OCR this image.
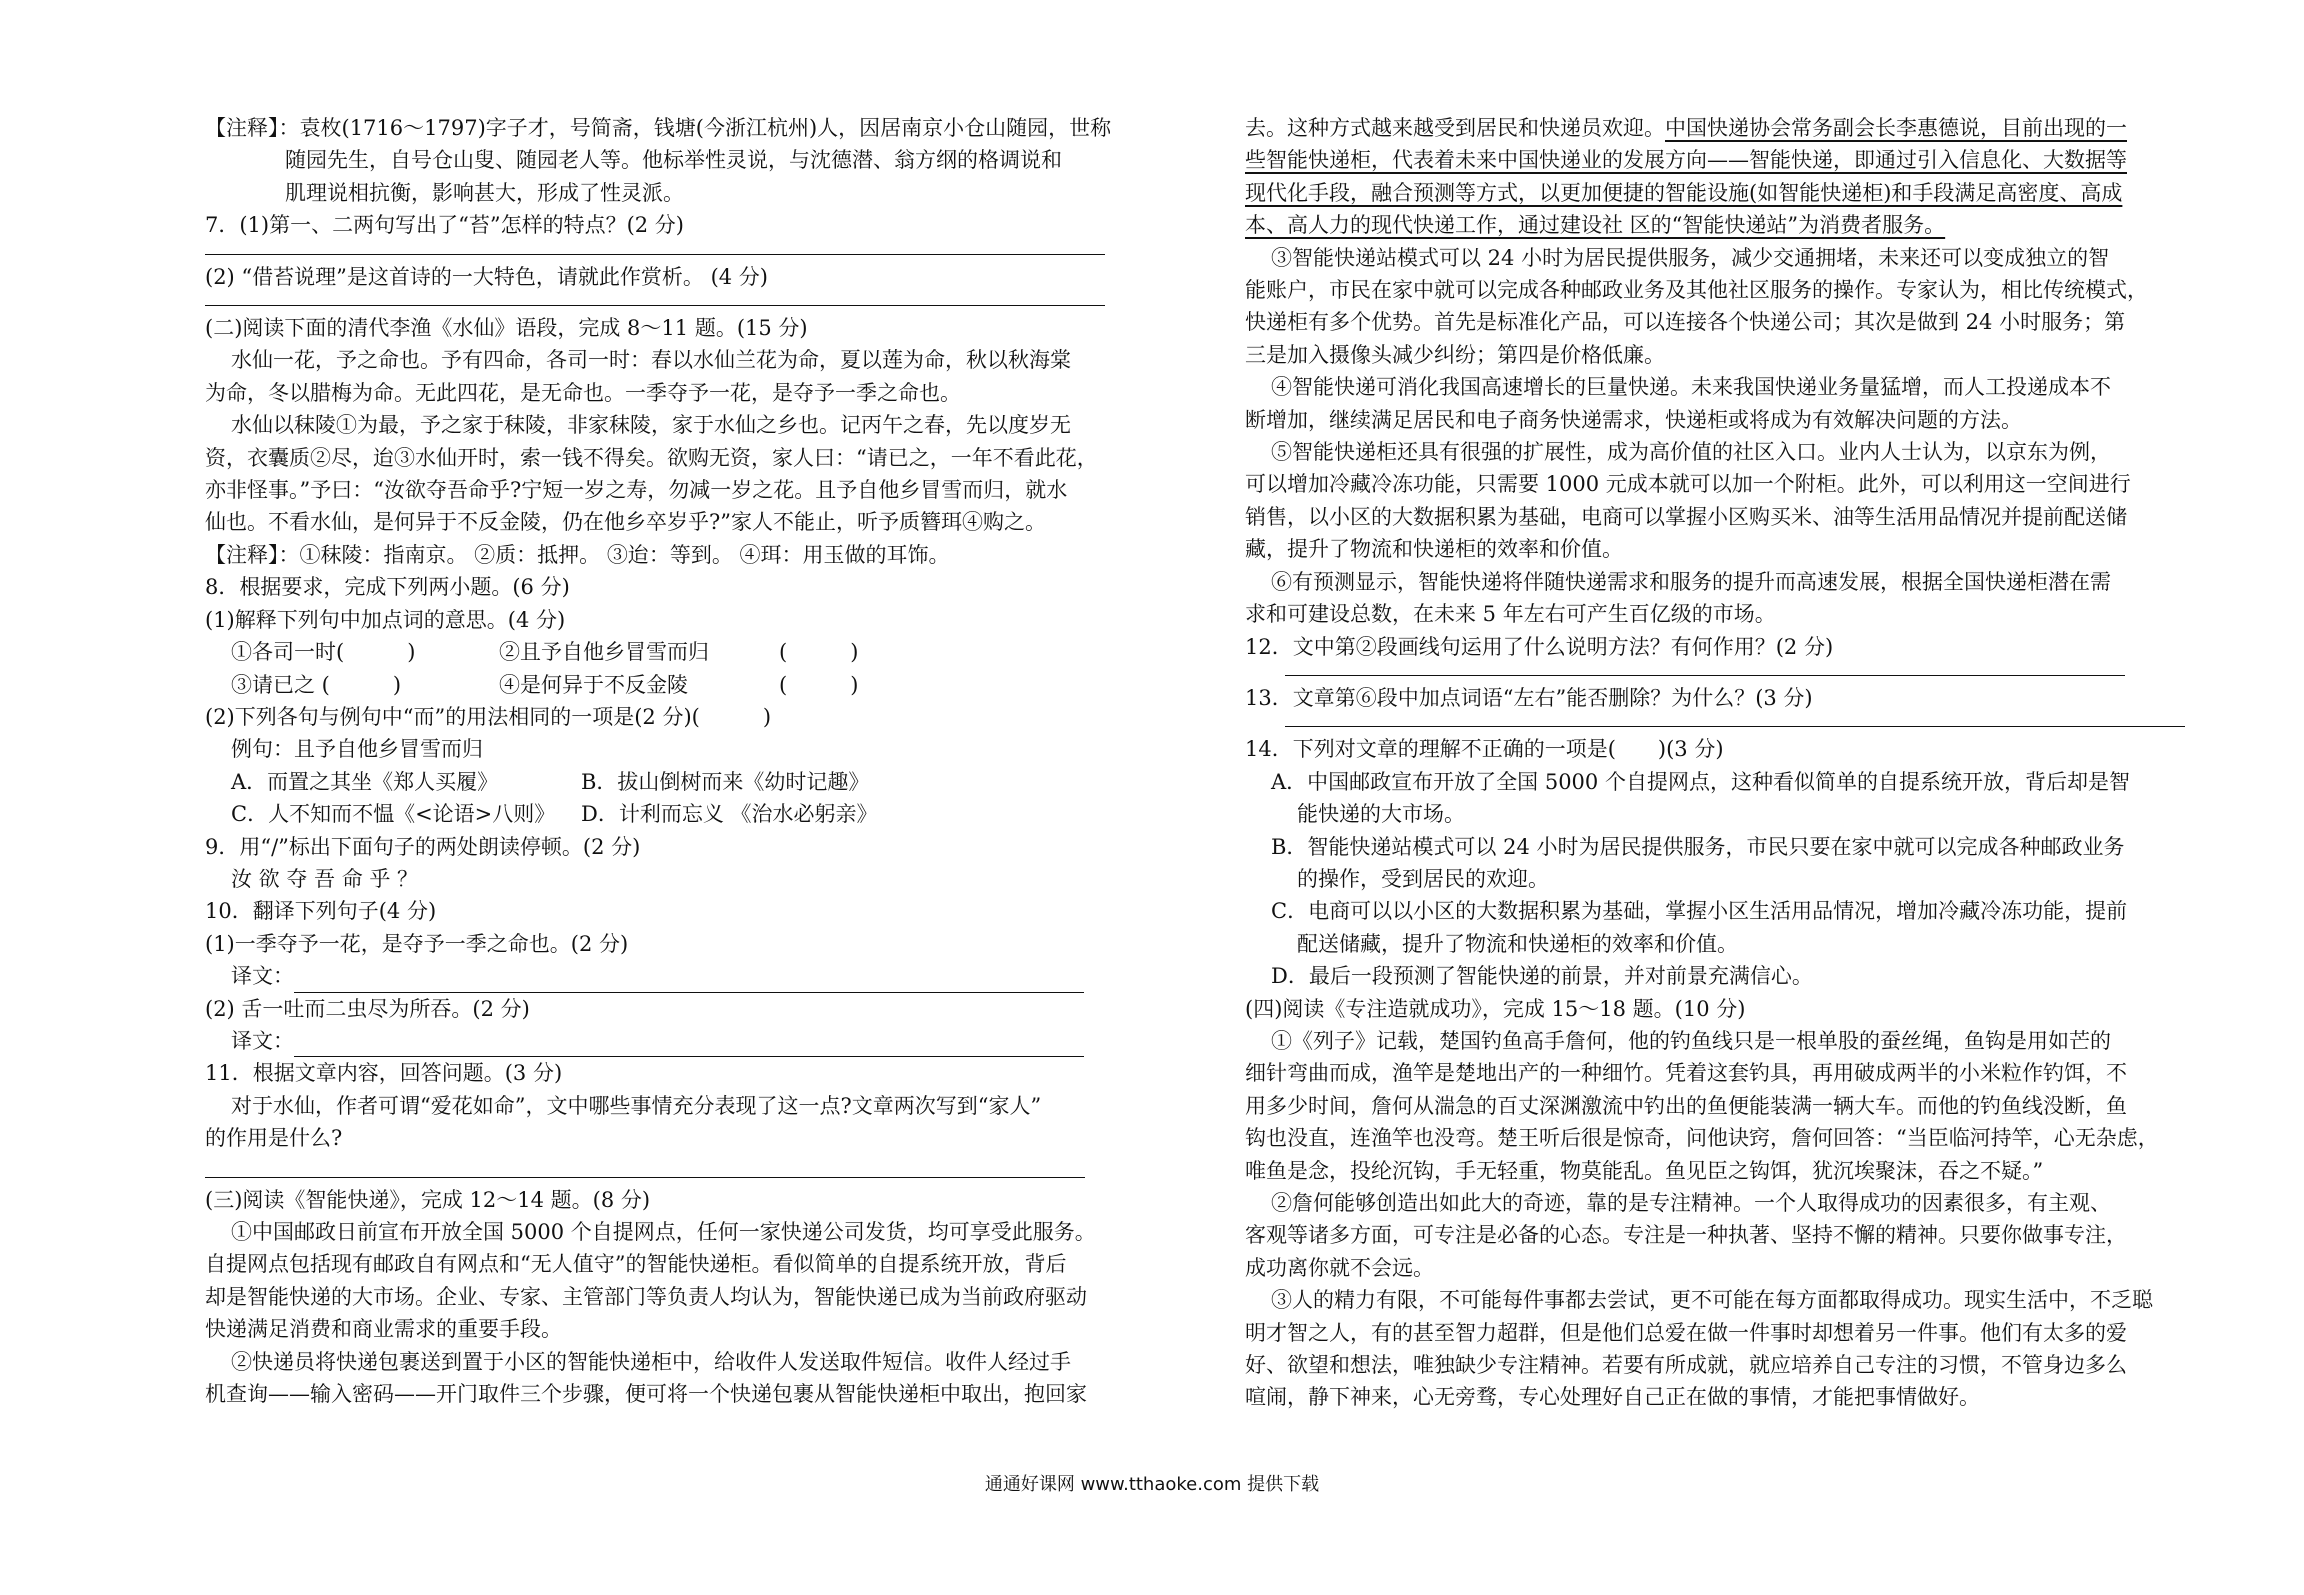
【注释】：袁枚(1716～1797)字子才，号简斋，钱塘(今浙江杭州)人，因居南京小仓山随园，世称
随园先生，自号仓山叟、随园老人等。他标举性灵说，与沈德潜、翁方纲的格调说和
肌理说相抗衡，影响甚大，形成了性灵派。
7．(1)第一、二两句写出了“苔”怎样的特点？(2 分)
(2) “借苔说理”是这首诗的一大特色，请就此作赏析。 (4 分)
(二)阅读下面的清代李渔《水仙》语段，完成 8～11 题。(15 分)
水仙一花，予之命也。予有四命，各司一时：春以水仙兰花为命，夏以莲为命，秋以秋海棠
为命，冬以腊梅为命。无此四花，是无命也。一季夺予一花，是夺予一季之命也。
水仙以秣陵①为最，予之家于秣陵，非家秣陵，家于水仙之乡也。记丙午之春，先以度岁无
资，衣囊质②尽，迨③水仙开时，索一钱不得矣。欲购无资，家人曰：“请已之，一年不看此花，
亦非怪事。”予曰：“汝欲夺吾命乎?宁短一岁之寿，勿减一岁之花。且予自他乡冒雪而归，就水
仙也。不看水仙，是何异于不反金陵，仍在他乡卒岁乎?”家人不能止，听予质簪珥④购之。
【注释】：①秣陵：指南京。 ②质：抵押。 ③迨：等到。 ④珥：用玉做的耳饰。
8．根据要求，完成下列两小题。(6 分)
(1)解释下列句中加点词的意思。(4 分)
①各司一时(　　　)	②且予自他乡冒雪而归	(　　　)
③请已之 (　　　)	④是何异于不反金陵	(　　　)
(2)下列各句与例句中“而”的用法相同的一项是(2 分)(　　　)
例句：且予自他乡冒雪而归
A．而置之其坐《郑人买履》	B．拔山倒树而来《幼时记趣》
C．人不知而不愠《<论语>八则》 D．计利而忘义 《治水必躬亲》
9．用“/”标出下面句子的两处朗读停顿。(2 分)
汝 欲 夺 吾 命 乎 ？
10．翻译下列句子(4 分)
(1)一季夺予一花，是夺予一季之命也。(2 分)
译文：
(2) 舌一吐而二虫尽为所吞。(2 分)
译文：
11．根据文章内容，回答问题。(3 分)
对于水仙，作者可谓“爱花如命”，文中哪些事情充分表现了这一点?文章两次写到“家人”
的作用是什么?
(三)阅读《智能快递》，完成 12～14 题。(8 分)
①中国邮政日前宣布开放全国 5000 个自提网点，任何一家快递公司发货，均可享受此服务。
自提网点包括现有邮政自有网点和“无人值守”的智能快递柜。看似简单的自提系统开放，背后
却是智能快递的大市场。企业、专家、主管部门等负责人均认为，智能快递已成为当前政府驱动
快递满足消费和商业需求的重要手段。
②快递员将快递包裹送到置于小区的智能快递柜中，给收件人发送取件短信。收件人经过手
机查询——输入密码——开门取件三个步骤，便可将一个快递包裹从智能快递柜中取出，抱回家
去。这种方式越来越受到居民和快递员欢迎。中国快递协会常务副会长李惠德说，目前出现的一
些智能快递柜，代表着未来中国快递业的发展方向——智能快递，即通过引入信息化、大数据等
现代化手段，融合预测等方式，以更加便捷的智能设施(如智能快递柜)和手段满足高密度、高成
本、高人力的现代快递工作，通过建设社 区的“智能快递站”为消费者服务。
③智能快递站模式可以 24 小时为居民提供服务，减少交通拥堵，未来还可以变成独立的智
能账户，市民在家中就可以完成各种邮政业务及其他社区服务的操作。专家认为，相比传统模式，
快递柜有多个优势。首先是标准化产品，可以连接各个快递公司；其次是做到 24 小时服务；第
三是加入摄像头减少纠纷；第四是价格低廉。
④智能快递可消化我国高速增长的巨量快递。未来我国快递业务量猛增，而人工投递成本不
断增加，继续满足居民和电子商务快递需求，快递柜或将成为有效解决问题的方法。
⑤智能快递柜还具有很强的扩展性，成为高价值的社区入口。业内人士认为，以京东为例，
可以增加冷藏冷冻功能，只需要 1000 元成本就可以加一个附柜。此外，可以利用这一空间进行
销售，以小区的大数据积累为基础，电商可以掌握小区购买米、油等生活用品情况并提前配送储
藏，提升了物流和快递柜的效率和价值。
⑥有预测显示，智能快递将伴随快递需求和服务的提升而高速发展，根据全国快递柜潜在需
求和可建设总数，在未来 5 年左右可产生百亿级的市场。
12．文中第②段画线句运用了什么说明方法？有何作用？(2 分)
13．文章第⑥段中加点词语“左右”能否删除？为什么？(3 分)
14．下列对文章的理解不正确的一项是(　　)(3 分)
A．中国邮政宣布开放了全国 5000 个自提网点，这种看似简单的自提系统开放，背后却是智
能快递的大市场。
B．智能快递站模式可以 24 小时为居民提供服务，市民只要在家中就可以完成各种邮政业务
的操作，受到居民的欢迎。
C．电商可以以小区的大数据积累为基础，掌握小区生活用品情况，增加冷藏冷冻功能，提前
配送储藏，提升了物流和快递柜的效率和价值。
D．最后一段预测了智能快递的前景，并对前景充满信心。
(四)阅读《专注造就成功》，完成 15～18 题。(10 分)
①《列子》记载，楚国钓鱼高手詹何，他的钓鱼线只是一根单股的蚕丝绳，鱼钩是用如芒的
细针弯曲而成，渔竿是楚地出产的一种细竹。凭着这套钓具，再用破成两半的小米粒作钓饵，不
用多少时间，詹何从湍急的百丈深渊激流中钓出的鱼便能装满一辆大车。而他的钓鱼线没断，鱼
钩也没直，连渔竿也没弯。楚王听后很是惊奇，问他诀窍，詹何回答：“当臣临河持竿，心无杂虑，
唯鱼是念，投纶沉钩，手无轻重，物莫能乱。鱼见臣之钩饵，犹沉埃聚沫，吞之不疑。”
②詹何能够创造出如此大的奇迹，靠的是专注精神。一个人取得成功的因素很多，有主观、
客观等诸多方面，可专注是必备的心态。专注是一种执著、坚持不懈的精神。只要你做事专注，
成功离你就不会远。
③人的精力有限，不可能每件事都去尝试，更不可能在每方面都取得成功。现实生活中，不乏聪
明才智之人，有的甚至智力超群，但是他们总爱在做一件事时却想着另一件事。他们有太多的爱
好、欲望和想法，唯独缺少专注精神。若要有所成就，就应培养自己专注的习惯，不管身边多么
喧闹，静下神来，心无旁骛，专心处理好自己正在做的事情，才能把事情做好。
通通好课网 www.tthaoke.com 提供下载
